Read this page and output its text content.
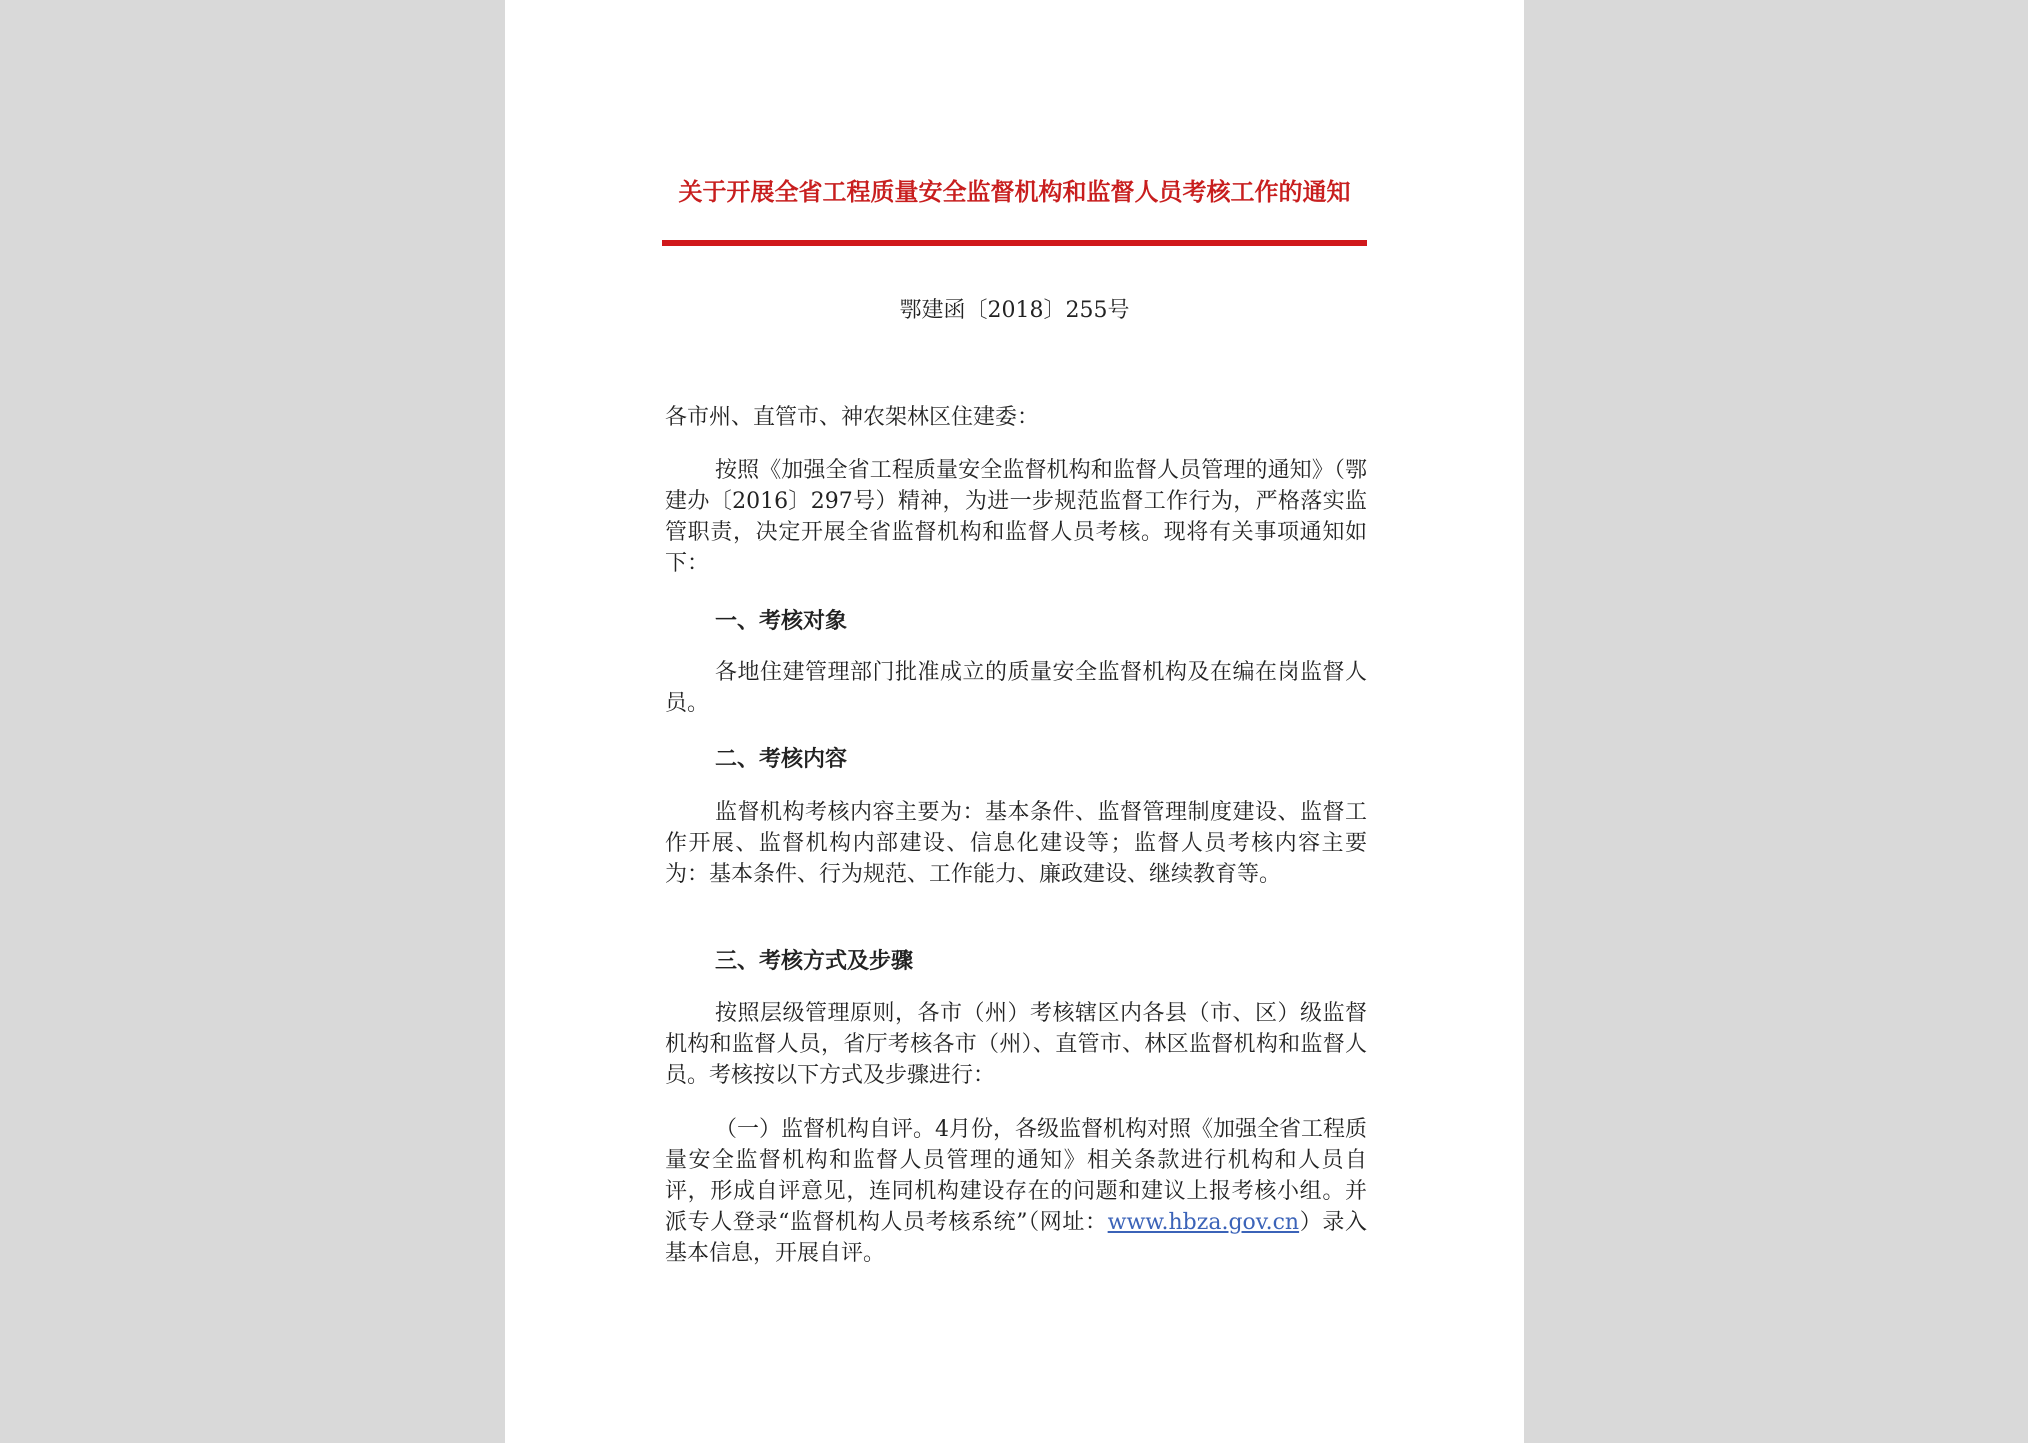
关于开展全省工程质量安全监督机构和监督人员考核工作的通知
鄂建函〔2018〕255号
各市州、直管市、神农架林区住建委：
按照《加强全省工程质量安全监督机构和监督人员管理的通知》（鄂建办〔2016〕297号）精神，为进一步规范监督工作行为，严格落实监管职责，决定开展全省监督机构和监督人员考核。现将有关事项通知如下：
一、考核对象
各地住建管理部门批准成立的质量安全监督机构及在编在岗监督人员。
二、考核内容
监督机构考核内容主要为：基本条件、监督管理制度建设、监督工作开展、监督机构内部建设、信息化建设等；监督人员考核内容主要为：基本条件、行为规范、工作能力、廉政建设、继续教育等。
三、考核方式及步骤
按照层级管理原则，各市（州）考核辖区内各县（市、区）级监督机构和监督人员，省厅考核各市（州）、直管市、林区监督机构和监督人员。考核按以下方式及步骤进行：
（一）监督机构自评。4月份，各级监督机构对照《加强全省工程质量安全监督机构和监督人员管理的通知》相关条款进行机构和人员自评，形成自评意见，连同机构建设存在的问题和建议上报考核小组。并派专人登录“监督机构人员考核系统”（网址：www.hbza.gov.cn）录入基本信息，开展自评。
